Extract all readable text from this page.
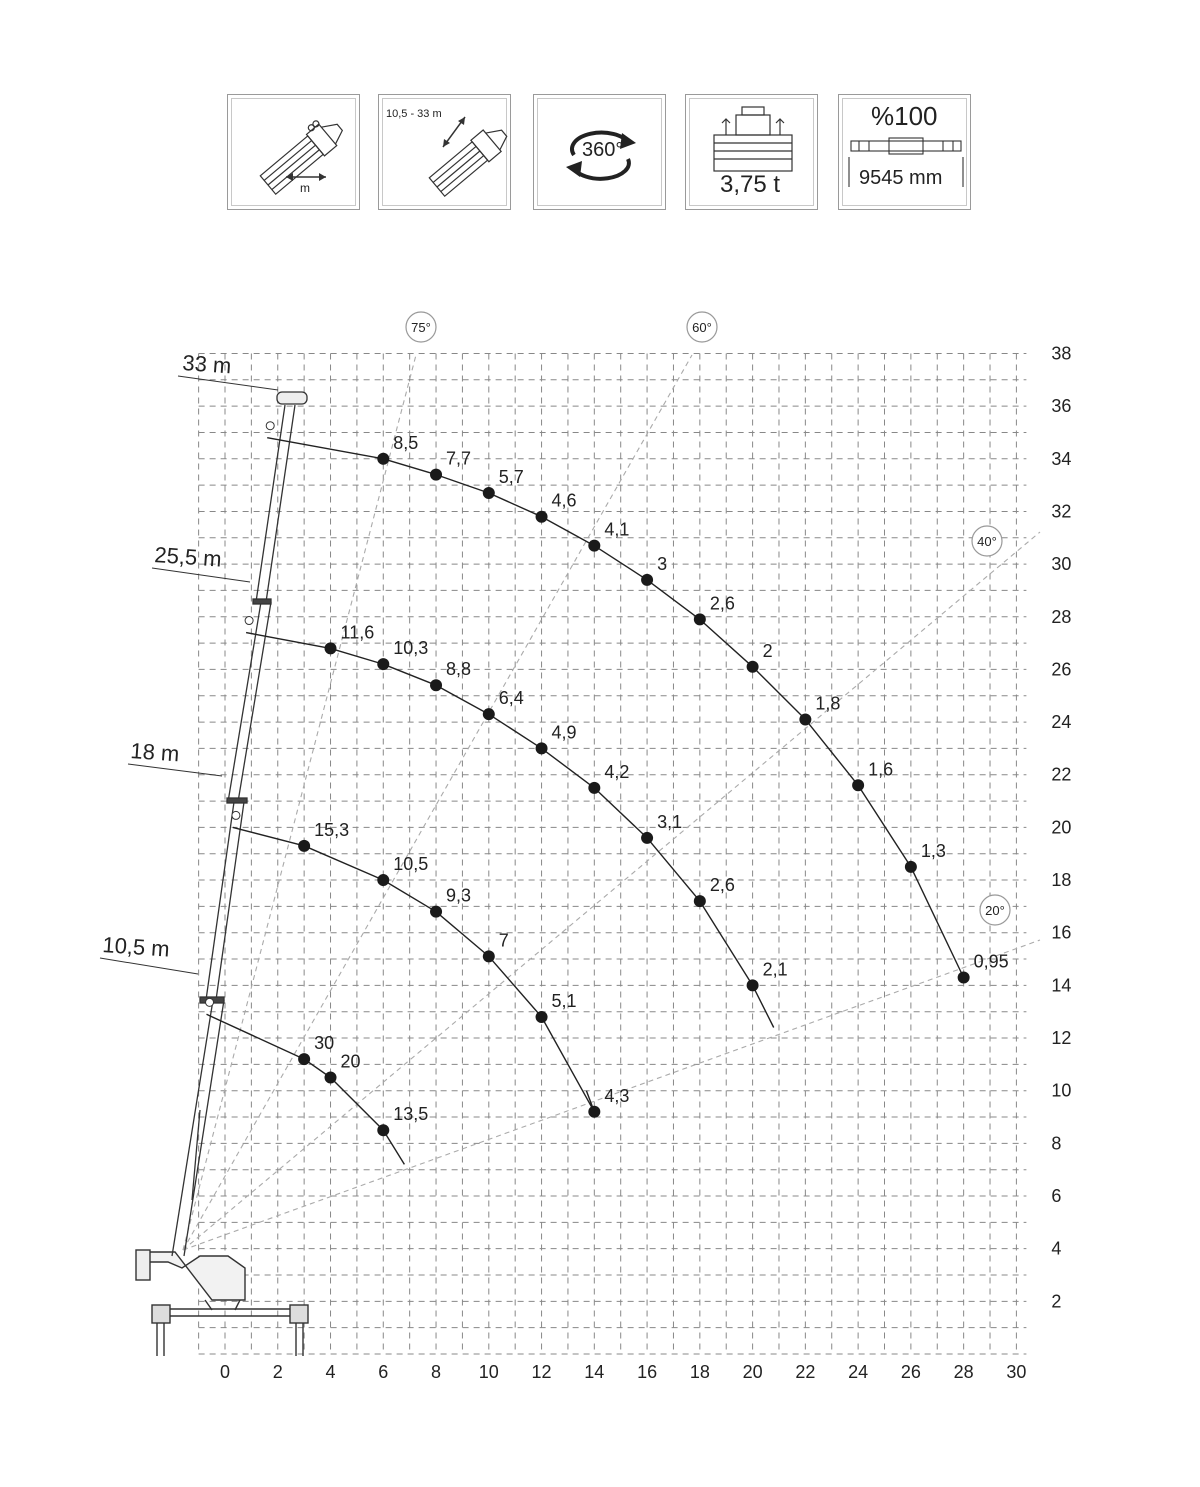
m
10,5 - 33 m
360°
3,75 t
%100
9545 mm
0 2 4 6 8 10 12 14 16 18 20 22 24 26 28 30
2
4
6
8
10
12
14
16
18
20
22
24
26
28
30
32
34
36
38
75°	60°
40°
20°
10,5 m
18 m
25,5 m
33 m
30
20
13,5
15,3
10,5
9,3
7
5,1
4,3
11,6
10,3
8,8
6,4
4,9
4,2
3,1
2,6
2,1
8,5
7,7
5,7
4,6
4,1
3
2,6
2
1,8
1,6
1,3
0,95
